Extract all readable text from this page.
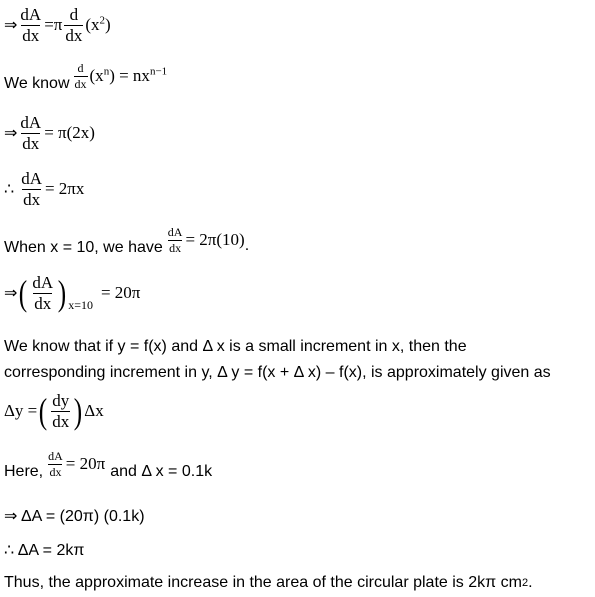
⇒ $\frac{dA}{dx} = \pi \frac{d}{dx} (x^2)$
We know $\frac{d}{dx} (x^n) = nx^{n-1}$
⇒ $\frac{dA}{dx} = \pi(2x)$
∴ $\frac{dA}{dx} = 2\pi x$
When x = 10, we have $\frac{dA}{dx} = 2\pi(10)$ .
⇒ ( $\frac{dA}{dx}$ ) x=10
= 20π
We know that if y = f(x) and Δ x is a small increment in x, then the
corresponding increment in y, Δ y = f(x + Δ x) – f(x), is approximately given as
Δy = ( $\frac{dy}{dx}$ ) Δx
Here, $\frac{dA}{dx} = 20\pi$ and Δ x = 0.1k
⇒ ΔA = (20π) (0.1k)
∴ ΔA = 2kπ
Thus, the approximate increase in the area of the circular plate is 2kπ cm 2 .
